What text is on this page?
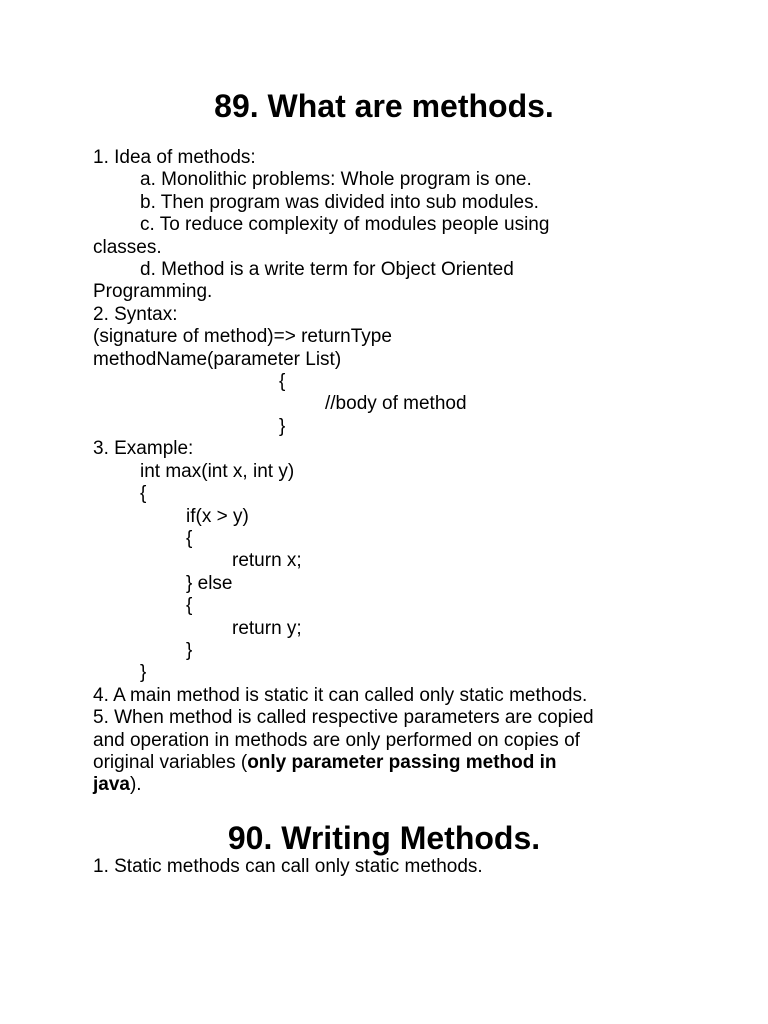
89. What are methods.
1. Idea of methods:
a. Monolithic problems: Whole program is one.
b. Then program was divided into sub modules.
c. To reduce complexity of modules people using
classes.
d. Method is a write term for Object Oriented
Programming.
2. Syntax:
(signature of method)=> returnType
methodName(parameter List)
{
//body of method
}
3. Example:
int max(int x, int y)
{
if(x > y)
{
return x;
} else
{
return y;
}
}
4. A main method is static it can called only static methods.
5. When method is called respective parameters are copied
and operation in methods are only performed on copies of
original variables (only parameter passing method in
java).
90. Writing Methods.
1. Static methods can call only static methods.
